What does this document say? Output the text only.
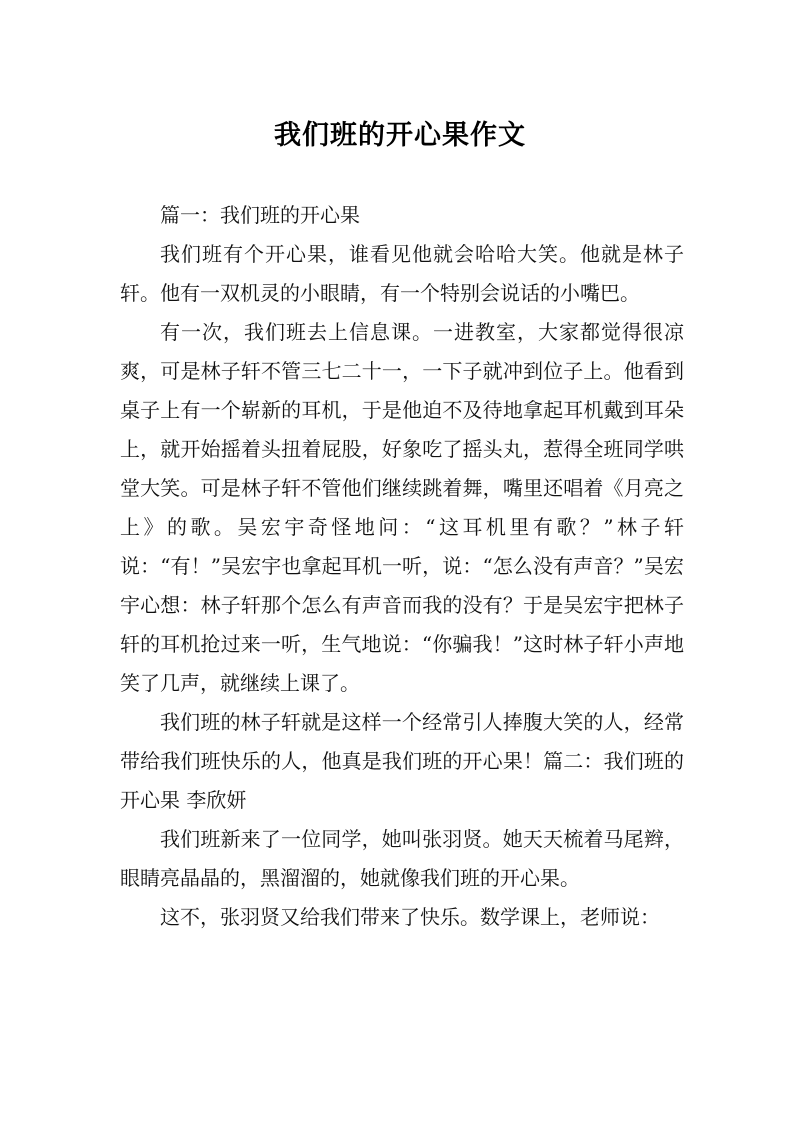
我们班的开心果作文

篇一：我们班的开心果

我们班有个开心果，谁看见他就会哈哈大笑。他就是林子轩。他有一双机灵的小眼睛，有一个特别会说话的小嘴巴。

有一次，我们班去上信息课。一进教室，大家都觉得很凉爽，可是林子轩不管三七二十一，一下子就冲到位子上。他看到桌子上有一个崭新的耳机，于是他迫不及待地拿起耳机戴到耳朵上，就开始摇着头扭着屁股，好象吃了摇头丸，惹得全班同学哄堂大笑。可是林子轩不管他们继续跳着舞，嘴里还唱着《月亮之上》的歌。吴宏宇奇怪地问：“这耳机里有歌？”林子轩说：“有！”吴宏宇也拿起耳机一听，说：“怎么没有声音？”吴宏宇心想：林子轩那个怎么有声音而我的没有？于是吴宏宇把林子轩的耳机抢过来一听，生气地说：“你骗我！”这时林子轩小声地笑了几声，就继续上课了。

我们班的林子轩就是这样一个经常引人捧腹大笑的人，经常带给我们班快乐的人，他真是我们班的开心果！篇二：我们班的开心果 李欣妍

我们班新来了一位同学，她叫张羽贤。她天天梳着马尾辫，眼睛亮晶晶的，黑溜溜的，她就像我们班的开心果。

这不，张羽贤又给我们带来了快乐。数学课上，老师说：
